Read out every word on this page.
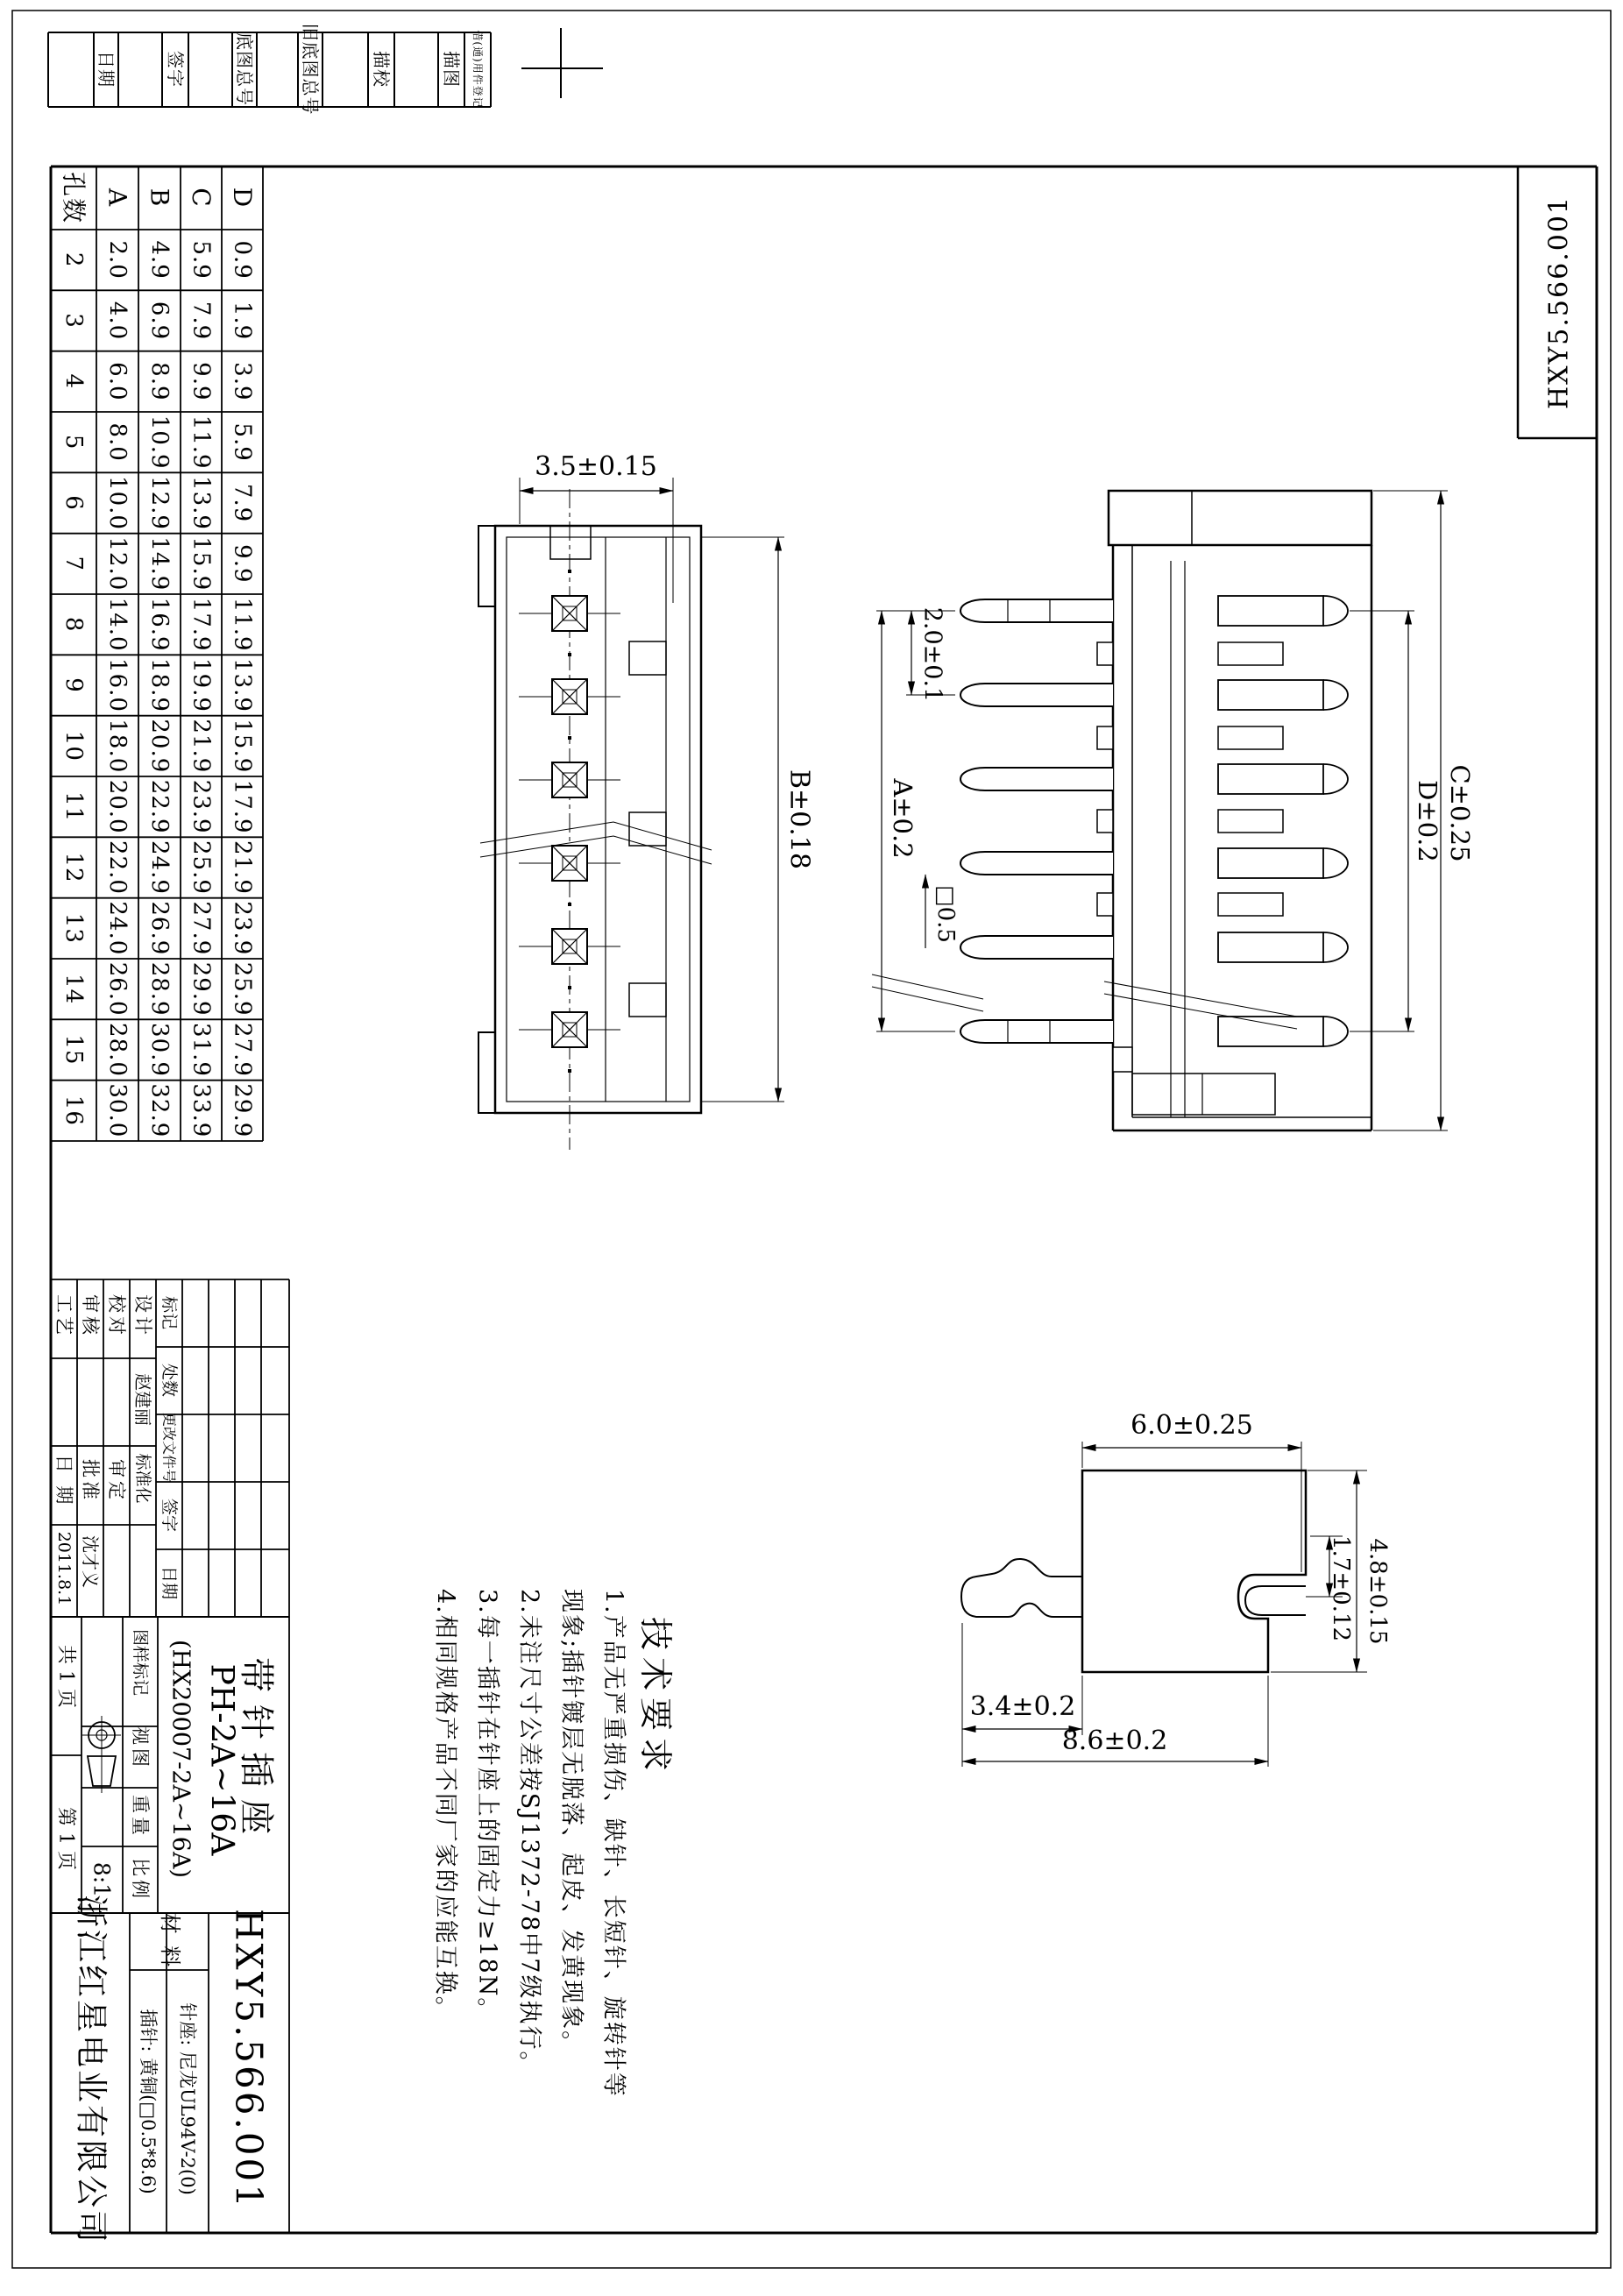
日期	签字	底图总号	旧底图总号	描校	描图 借(通)用件登记
HXY5.566.001
孔数 A B C D
2 2.0 4.9 5.9 0.9
3 4.0 6.9 7.9 1.9
4 6.0 8.9 9.9 3.9
5 8.0 10.9 11.9 5.9
6 10.0 12.9 13.9 7.9
7 12.0 14.9 15.9 9.9
8 14.0 16.9 17.9 11.9
9 16.0 18.9 19.9 13.9
10 18.0 20.9 21.9 15.9
11 20.0 22.9 23.9 17.9
12 22.0 24.9 25.9 21.9
13 24.0 26.9 27.9 23.9
14 26.0 28.9 29.9 25.9
15 28.0 30.9 31.9 27.9
16 30.0 32.9 33.9 29.9
3.5±0.15
B±0.18	A±0.2
2.0±0.1
□0.5
D±0.2 C±0.25
6.0±0.25
1.7±0.12 4.8±0.15
3.4±0.2
8.6±0.2
技术要求
1.产品无严重损伤、缺针、长短针、旋转针等
现象;插针镀层无脱落、起皮、发黄现象。
2.未注尺寸公差按SJ1372-78中7级执行。
3.每一插针在针座上的固定力≥18N。
4.相同规格产品不同厂家的应能互换。
工艺 审核 校对 设计
赵建丽
日 期 批准 审定 标准化
2011.8.1 沈才义
标记
处数
更改文件号
签字
日期
共 1 页
第 1 页
8:1
图样标记
视图
重量
比例
(HX20007-2A~16A) PH-2A~16A
带针插座
浙江红星电业有限公司 材 料
插针: 黄铜(□0.5*8.6) 针座: 尼龙UL94V-2(0) HXY5.566.001
